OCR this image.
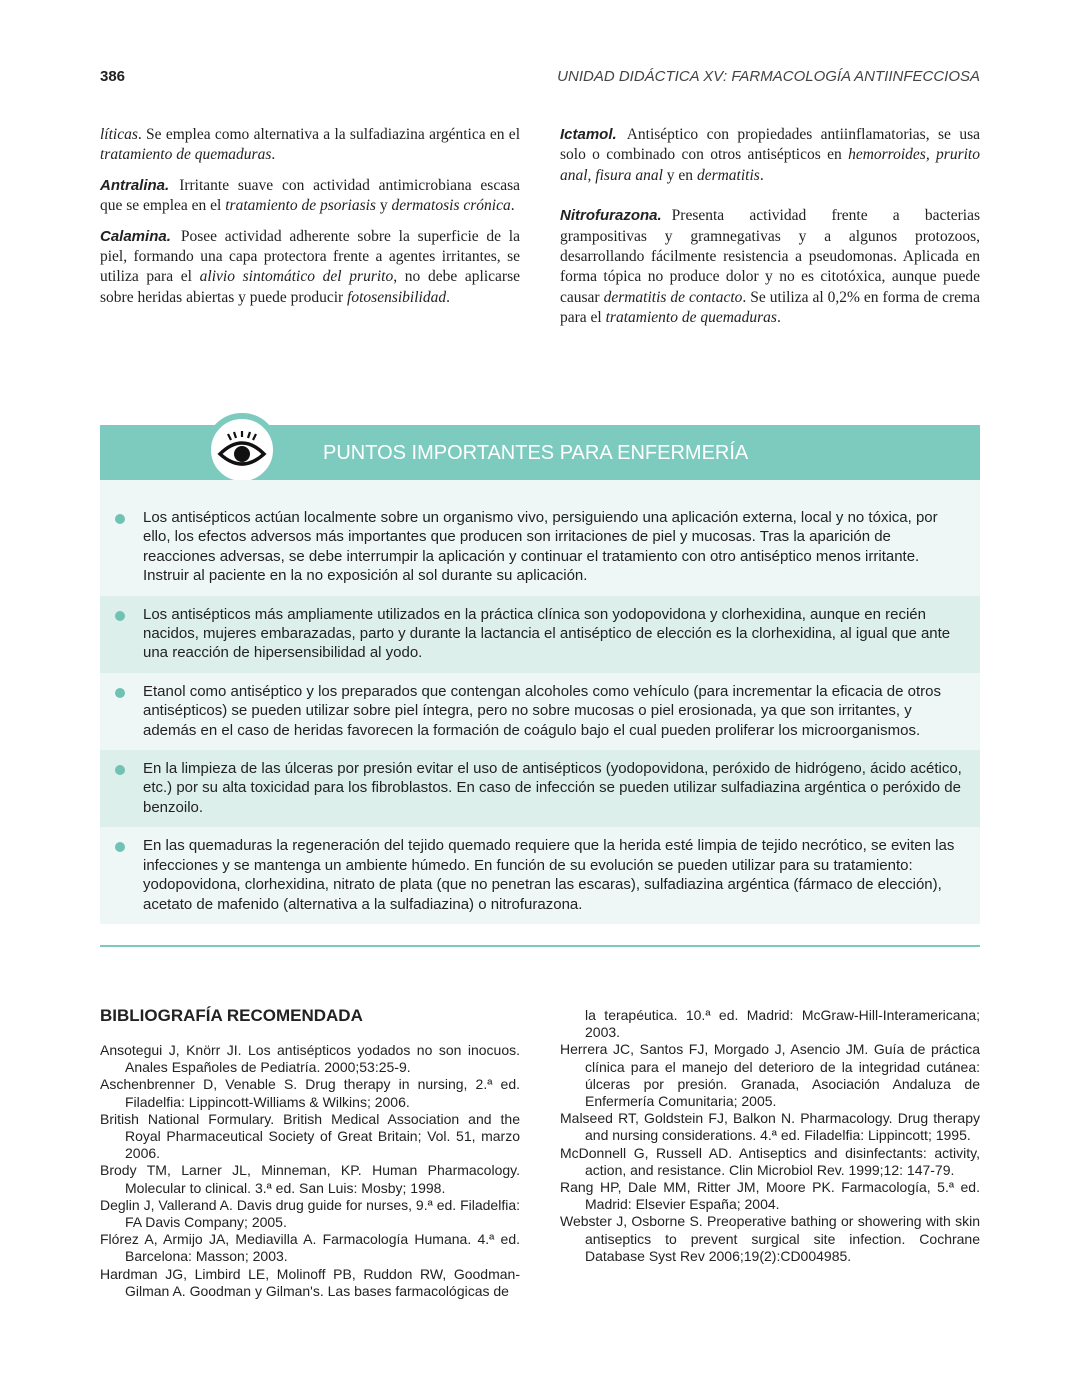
386	UNIDAD DIDÁCTICA XV: FARMACOLOGÍA ANTIINFECCIOSA

líticas. Se emplea como alternativa a la sulfadiazina argéntica en el tratamiento de quemaduras.

Antralina. Irritante suave con actividad antimicrobiana escasa que se emplea en el tratamiento de psoriasis y dermatosis crónica.

Calamina. Posee actividad adherente sobre la superficie de la piel, formando una capa protectora frente a agentes irritantes, se utiliza para el alivio sintomático del prurito, no debe aplicarse sobre heridas abiertas y puede producir fotosensibilidad.

Ictamol. Antiséptico con propiedades antiinflamatorias, se usa solo o combinado con otros antisépticos en hemorroides, prurito anal, fisura anal y en dermatitis.

Nitrofurazona. Presenta actividad frente a bacterias grampositivas y gramnegativas y a algunos protozoos, desarrollando fácilmente resistencia a pseudomonas. Aplicada en forma tópica no produce dolor y no es citotóxica, aunque puede causar dermatitis de contacto. Se utiliza al 0,2% en forma de crema para el tratamiento de quemaduras.

PUNTOS IMPORTANTES PARA ENFERMERÍA
Los antisépticos actúan localmente sobre un organismo vivo, persiguiendo una aplicación externa, local y no tóxica, por ello, los efectos adversos más importantes que producen son irritaciones de piel y mucosas. Tras la aparición de reacciones adversas, se debe interrumpir la aplicación y continuar el tratamiento con otro antiséptico menos irritante. Instruir al paciente en la no exposición al sol durante su aplicación.
Los antisépticos más ampliamente utilizados en la práctica clínica son yodopovidona y clorhexidina, aunque en recién nacidos, mujeres embarazadas, parto y durante la lactancia el antiséptico de elección es la clorhexidina, al igual que ante una reacción de hipersensibilidad al yodo.
Etanol como antiséptico y los preparados que contengan alcoholes como vehículo (para incrementar la eficacia de otros antisépticos) se pueden utilizar sobre piel íntegra, pero no sobre mucosas o piel erosionada, ya que son irritantes, y además en el caso de heridas favorecen la formación de coágulo bajo el cual pueden proliferar los microorganismos.
En la limpieza de las úlceras por presión evitar el uso de antisépticos (yodopovidona, peróxido de hidrógeno, ácido acético, etc.) por su alta toxicidad para los fibroblastos. En caso de infección se pueden utilizar sulfadiazina argéntica o peróxido de benzoilo.
En las quemaduras la regeneración del tejido quemado requiere que la herida esté limpia de tejido necrótico, se eviten las infecciones y se mantenga un ambiente húmedo. En función de su evolución se pueden utilizar para su tratamiento: yodopovidona, clorhexidina, nitrato de plata (que no penetran las escaras), sulfadiazina argéntica (fármaco de elección), acetato de mafenido (alternativa a la sulfadiazina) o nitrofurazona.
BIBLIOGRAFÍA RECOMENDADA
Ansotegui J, Knörr JI. Los antisépticos yodados no son inocuos. Anales Españoles de Pediatría. 2000;53:25-9.
Aschenbrenner D, Venable S. Drug therapy in nursing, 2.ª ed. Filadelfia: Lippincott-Williams & Wilkins; 2006.
British National Formulary. British Medical Association and the Royal Pharmaceutical Society of Great Britain; Vol. 51, marzo 2006.
Brody TM, Larner JL, Minneman, KP. Human Pharmacology. Molecular to clinical. 3.ª ed. San Luis: Mosby; 1998.
Deglin J, Vallerand A. Davis drug guide for nurses, 9.ª ed. Filadelfia: FA Davis Company; 2005.
Flórez A, Armijo JA, Mediavilla A. Farmacología Humana. 4.ª ed. Barcelona: Masson; 2003.
Hardman JG, Limbird LE, Molinoff PB, Ruddon RW, Goodman-Gilman A. Goodman y Gilman's. Las bases farmacológicas de
la terapéutica. 10.ª ed. Madrid: McGraw-Hill-Interamericana; 2003.
Herrera JC, Santos FJ, Morgado J, Asencio JM. Guía de práctica clínica para el manejo del deterioro de la integridad cutánea: úlceras por presión. Granada, Asociación Andaluza de Enfermería Comunitaria; 2005.
Malseed RT, Goldstein FJ, Balkon N. Pharmacology. Drug therapy and nursing considerations. 4.ª ed. Filadelfia: Lippincott; 1995.
McDonnell G, Russell AD. Antiseptics and disinfectants: activity, action, and resistance. Clin Microbiol Rev. 1999;12: 147-79.
Rang HP, Dale MM, Ritter JM, Moore PK. Farmacología, 5.ª ed. Madrid: Elsevier España; 2004.
Webster J, Osborne S. Preoperative bathing or showering with skin antiseptics to prevent surgical site infection. Cochrane Database Syst Rev 2006;19(2):CD004985.
